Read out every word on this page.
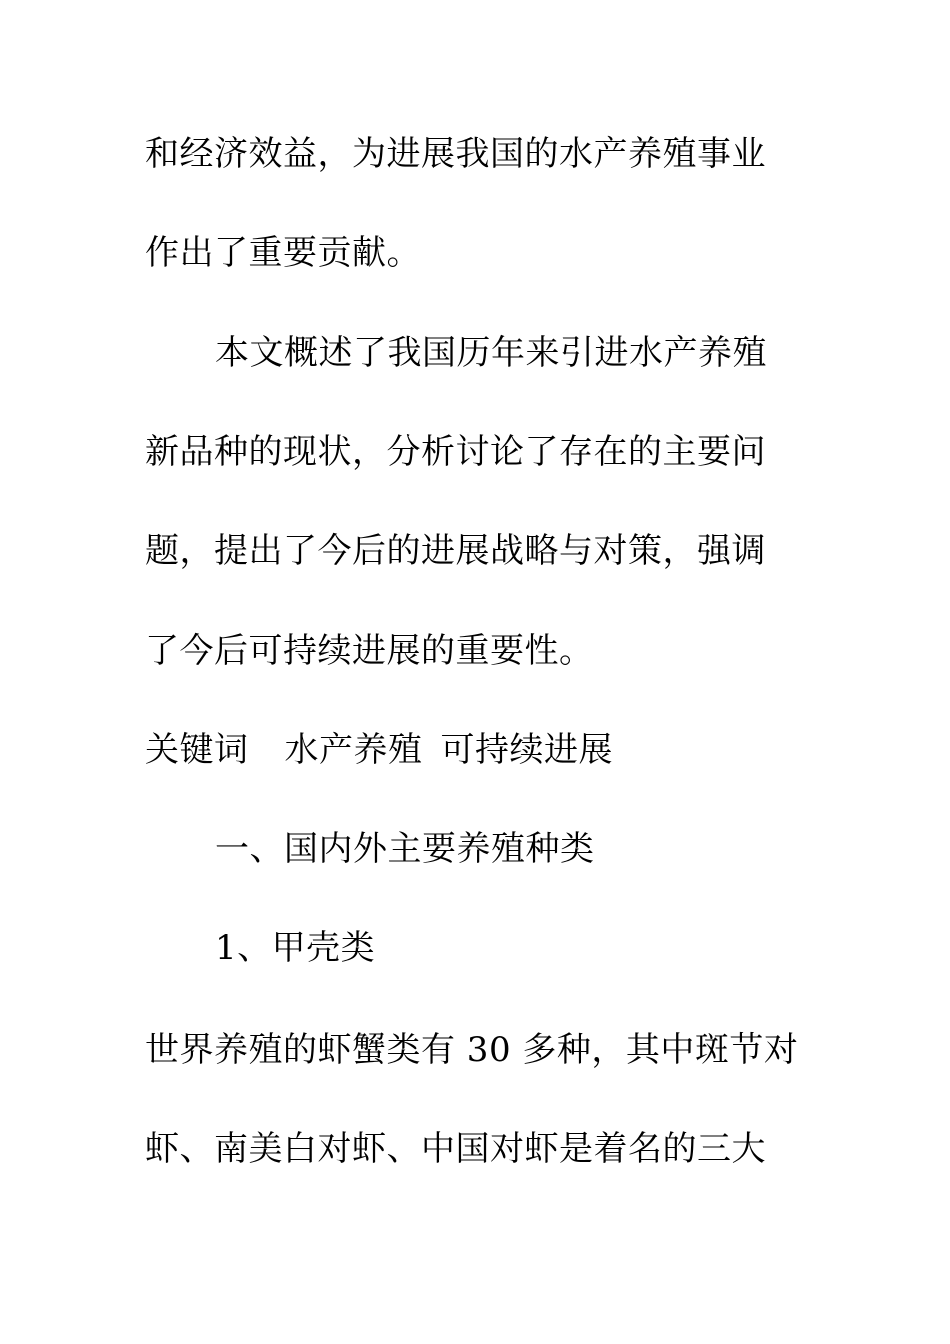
和经济效益，为进展我国的水产养殖事业
作出了重要贡献。
本文概述了我国历年来引进水产养殖
新品种的现状，分析讨论了存在的主要问
题，提出了今后的进展战略与对策，强调
了今后可持续进展的重要性。
关键词 水产养殖 可持续进展
一、国内外主要养殖种类
1、甲壳类
世界养殖的虾蟹类有 30 多种，其中斑节对
虾、南美白对虾、中国对虾是着名的三大
